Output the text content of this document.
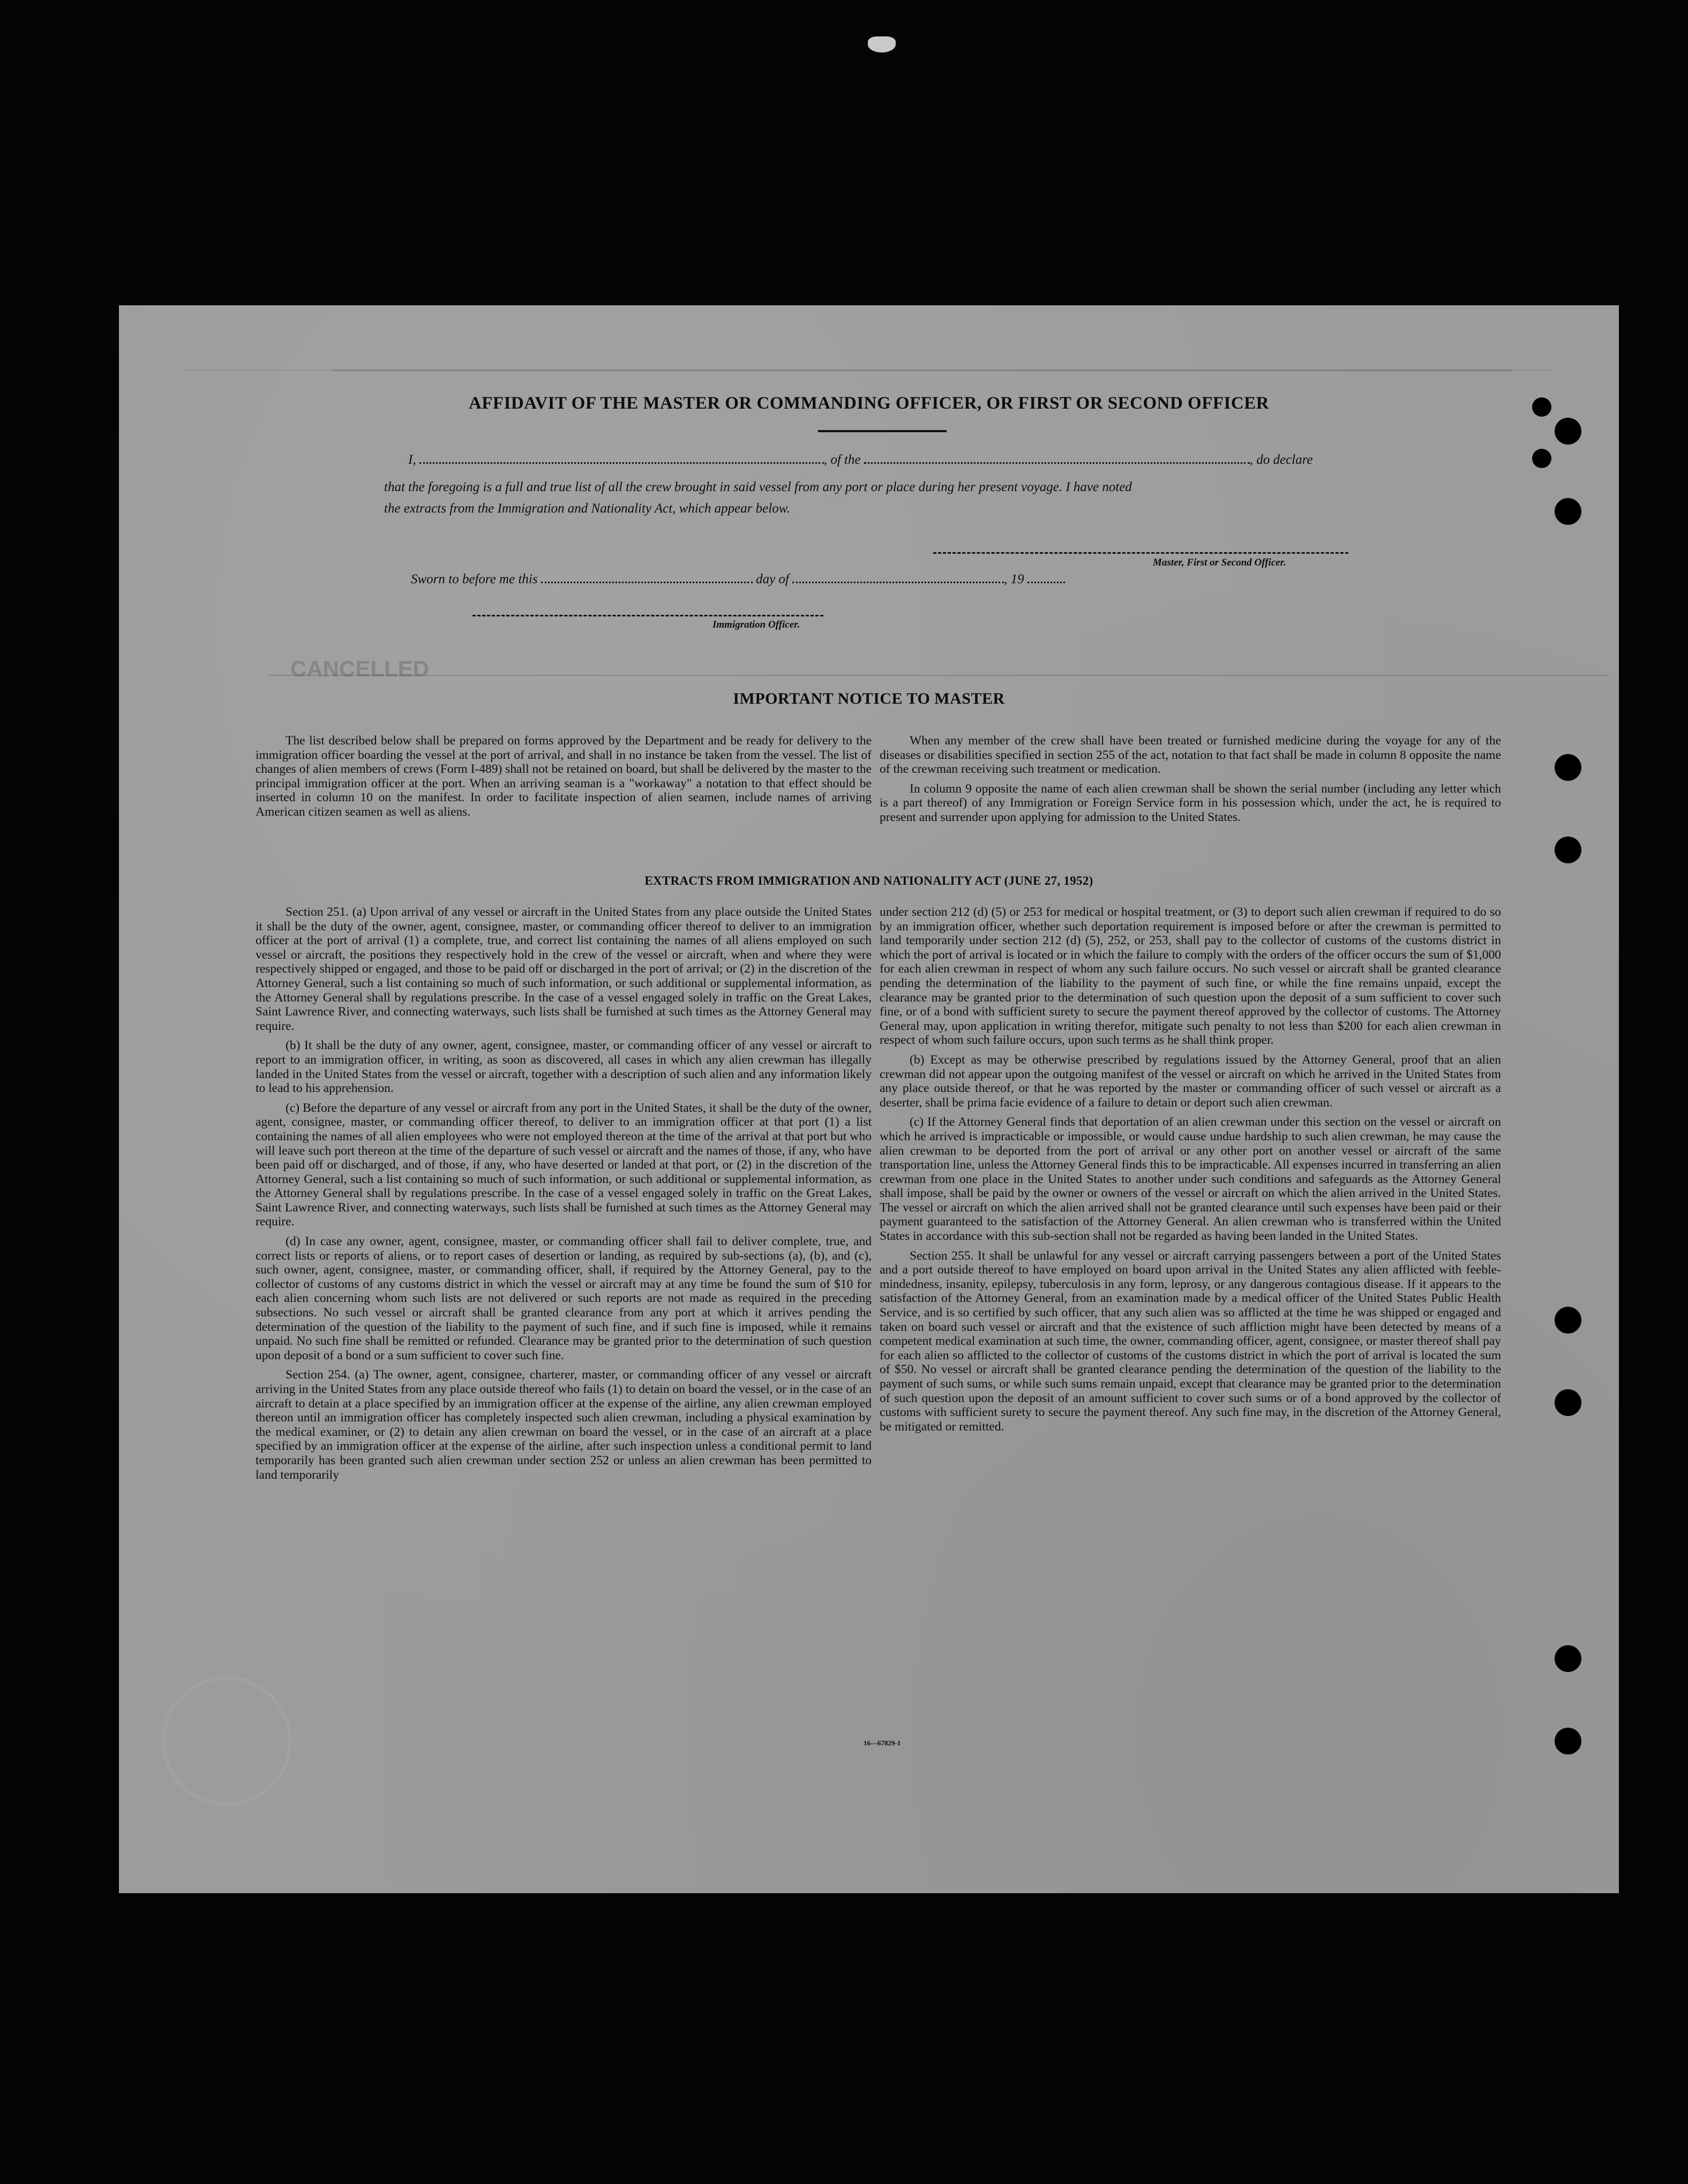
AFFIDAVIT OF THE MASTER OR COMMANDING OFFICER, OR FIRST OR SECOND OFFICER
I,	, of the	, do declare
that the foregoing is a full and true list of all the crew brought in said vessel from any port or place during her present voyage. I have noted
the extracts from the Immigration and Nationality Act, which appear below.
Master, First or Second Officer.
Sworn to before me this	day of	, 19
Immigration Officer.
CANCELLED
IMPORTANT NOTICE TO MASTER

The list described below shall be prepared on forms approved by the Department and be ready for delivery to the immigration officer boarding the vessel at the port of arrival, and shall in no instance be taken from the vessel. The list of changes of alien members of crews (Form I-489) shall not be retained on board, but shall be delivered by the master to the principal immigration officer at the port. When an arriving seaman is a "workaway" a notation to that effect should be inserted in column 10 on the manifest. In order to facilitate inspection of alien seamen, include names of arriving American citizen seamen as well as aliens.

When any member of the crew shall have been treated or furnished medicine during the voyage for any of the diseases or disabilities specified in section 255 of the act, notation to that fact shall be made in column 8 opposite the name of the crewman receiving such treatment or medication.

In column 9 opposite the name of each alien crewman shall be shown the serial number (including any letter which is a part thereof) of any Immigration or Foreign Service form in his possession which, under the act, he is required to present and surrender upon applying for admission to the United States.

EXTRACTS FROM IMMIGRATION AND NATIONALITY ACT (JUNE 27, 1952)

Section 251. (a) Upon arrival of any vessel or aircraft in the United States from any place outside the United States it shall be the duty of the owner, agent, consignee, master, or commanding officer thereof to deliver to an immigration officer at the port of arrival (1) a complete, true, and correct list containing the names of all aliens employed on such vessel or aircraft, the positions they respectively hold in the crew of the vessel or aircraft, when and where they were respectively shipped or engaged, and those to be paid off or discharged in the port of arrival; or (2) in the discretion of the Attorney General, such a list containing so much of such information, or such additional or supplemental information, as the Attorney General shall by regulations prescribe. In the case of a vessel engaged solely in traffic on the Great Lakes, Saint Lawrence River, and connecting waterways, such lists shall be furnished at such times as the Attorney General may require.

(b) It shall be the duty of any owner, agent, consignee, master, or commanding officer of any vessel or aircraft to report to an immigration officer, in writing, as soon as discovered, all cases in which any alien crewman has illegally landed in the United States from the vessel or aircraft, together with a description of such alien and any information likely to lead to his apprehension.

(c) Before the departure of any vessel or aircraft from any port in the United States, it shall be the duty of the owner, agent, consignee, master, or commanding officer thereof, to deliver to an immigration officer at that port (1) a list containing the names of all alien employees who were not employed thereon at the time of the arrival at that port but who will leave such port thereon at the time of the departure of such vessel or aircraft and the names of those, if any, who have been paid off or discharged, and of those, if any, who have deserted or landed at that port, or (2) in the discretion of the Attorney General, such a list containing so much of such information, or such additional or supplemental information, as the Attorney General shall by regulations prescribe. In the case of a vessel engaged solely in traffic on the Great Lakes, Saint Lawrence River, and connecting waterways, such lists shall be furnished at such times as the Attorney General may require.

(d) In case any owner, agent, consignee, master, or commanding officer shall fail to deliver complete, true, and correct lists or reports of aliens, or to report cases of desertion or landing, as required by sub-sections (a), (b), and (c), such owner, agent, consignee, master, or commanding officer, shall, if required by the Attorney General, pay to the collector of customs of any customs district in which the vessel or aircraft may at any time be found the sum of $10 for each alien concerning whom such lists are not delivered or such reports are not made as required in the preceding subsections. No such vessel or aircraft shall be granted clearance from any port at which it arrives pending the determination of the question of the liability to the payment of such fine, and if such fine is imposed, while it remains unpaid. No such fine shall be remitted or refunded. Clearance may be granted prior to the determination of such question upon deposit of a bond or a sum sufficient to cover such fine.

Section 254. (a) The owner, agent, consignee, charterer, master, or commanding officer of any vessel or aircraft arriving in the United States from any place outside thereof who fails (1) to detain on board the vessel, or in the case of an aircraft to detain at a place specified by an immigration officer at the expense of the airline, any alien crewman employed thereon until an immigration officer has completely inspected such alien crewman, including a physical examination by the medical examiner, or (2) to detain any alien crewman on board the vessel, or in the case of an aircraft at a place specified by an immigration officer at the expense of the airline, after such inspection unless a conditional permit to land temporarily has been granted such alien crewman under section 252 or unless an alien crewman has been permitted to land temporarily

under section 212 (d) (5) or 253 for medical or hospital treatment, or (3) to deport such alien crewman if required to do so by an immigration officer, whether such deportation requirement is imposed before or after the crewman is permitted to land temporarily under section 212 (d) (5), 252, or 253, shall pay to the collector of customs of the customs district in which the port of arrival is located or in which the failure to comply with the orders of the officer occurs the sum of $1,000 for each alien crewman in respect of whom any such failure occurs. No such vessel or aircraft shall be granted clearance pending the determination of the liability to the payment of such fine, or while the fine remains unpaid, except the clearance may be granted prior to the determination of such question upon the deposit of a sum sufficient to cover such fine, or of a bond with sufficient surety to secure the payment thereof approved by the collector of customs. The Attorney General may, upon application in writing therefor, mitigate such penalty to not less than $200 for each alien crewman in respect of whom such failure occurs, upon such terms as he shall think proper.

(b) Except as may be otherwise prescribed by regulations issued by the Attorney General, proof that an alien crewman did not appear upon the outgoing manifest of the vessel or aircraft on which he arrived in the United States from any place outside thereof, or that he was reported by the master or commanding officer of such vessel or aircraft as a deserter, shall be prima facie evidence of a failure to detain or deport such alien crewman.

(c) If the Attorney General finds that deportation of an alien crewman under this section on the vessel or aircraft on which he arrived is impracticable or impossible, or would cause undue hardship to such alien crewman, he may cause the alien crewman to be deported from the port of arrival or any other port on another vessel or aircraft of the same transportation line, unless the Attorney General finds this to be impracticable. All expenses incurred in transferring an alien crewman from one place in the United States to another under such conditions and safeguards as the Attorney General shall impose, shall be paid by the owner or owners of the vessel or aircraft on which the alien arrived in the United States. The vessel or aircraft on which the alien arrived shall not be granted clearance until such expenses have been paid or their payment guaranteed to the satisfaction of the Attorney General. An alien crewman who is transferred within the United States in accordance with this sub-section shall not be regarded as having been landed in the United States.

Section 255. It shall be unlawful for any vessel or aircraft carrying passengers between a port of the United States and a port outside thereof to have employed on board upon arrival in the United States any alien afflicted with feeble-mindedness, insanity, epilepsy, tuberculosis in any form, leprosy, or any dangerous contagious disease. If it appears to the satisfaction of the Attorney General, from an examination made by a medical officer of the United States Public Health Service, and is so certified by such officer, that any such alien was so afflicted at the time he was shipped or engaged and taken on board such vessel or aircraft and that the existence of such affliction might have been detected by means of a competent medical examination at such time, the owner, commanding officer, agent, consignee, or master thereof shall pay for each alien so afflicted to the collector of customs of the customs district in which the port of arrival is located the sum of $50. No vessel or aircraft shall be granted clearance pending the determination of the question of the liability to the payment of such sums, or while such sums remain unpaid, except that clearance may be granted prior to the determination of such question upon the deposit of an amount sufficient to cover such sums or of a bond approved by the collector of customs with sufficient surety to secure the payment thereof. Any such fine may, in the discretion of the Attorney General, be mitigated or remitted.

16—67829-1
